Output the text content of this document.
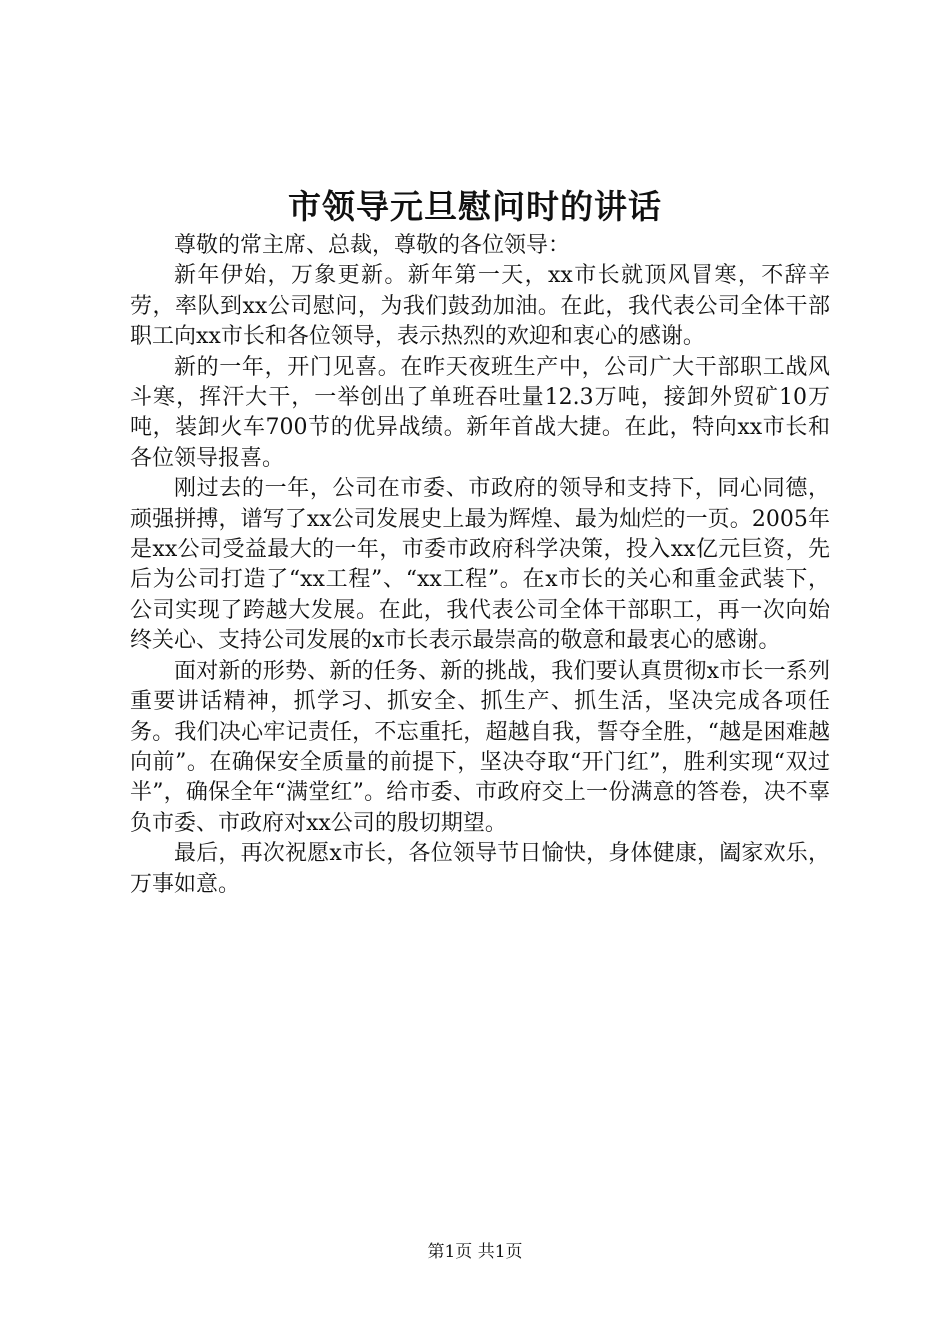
市领导元旦慰问时的讲话

尊敬的常主席、总裁，尊敬的各位领导：

新年伊始，万象更新。新年第一天，xx市长就顶风冒寒，不辞辛劳，率队到xx公司慰问，为我们鼓劲加油。在此，我代表公司全体干部职工向xx市长和各位领导，表示热烈的欢迎和衷心的感谢。

新的一年，开门见喜。在昨天夜班生产中，公司广大干部职工战风斗寒，挥汗大干，一举创出了单班吞吐量12.3万吨，接卸外贸矿10万吨，装卸火车700节的优异战绩。新年首战大捷。在此，特向xx市长和各位领导报喜。

刚过去的一年，公司在市委、市政府的领导和支持下，同心同德，顽强拼搏，谱写了xx公司发展史上最为辉煌、最为灿烂的一页。2005年是xx公司受益最大的一年，市委市政府科学决策，投入xx亿元巨资，先后为公司打造了“xx工程”、“xx工程”。在x市长的关心和重金武装下，公司实现了跨越大发展。在此，我代表公司全体干部职工，再一次向始终关心、支持公司发展的x市长表示最崇高的敬意和最衷心的感谢。

面对新的形势、新的任务、新的挑战，我们要认真贯彻x市长一系列重要讲话精神，抓学习、抓安全、抓生产、抓生活，坚决完成各项任务。我们决心牢记责任，不忘重托，超越自我，誓夺全胜，“越是困难越向前”。在确保安全质量的前提下，坚决夺取“开门红”，胜利实现“双过半”，确保全年“满堂红”。给市委、市政府交上一份满意的答卷，决不辜负市委、市政府对xx公司的殷切期望。

最后，再次祝愿x市长，各位领导节日愉快，身体健康，阖家欢乐，万事如意。

第1页 共1页
